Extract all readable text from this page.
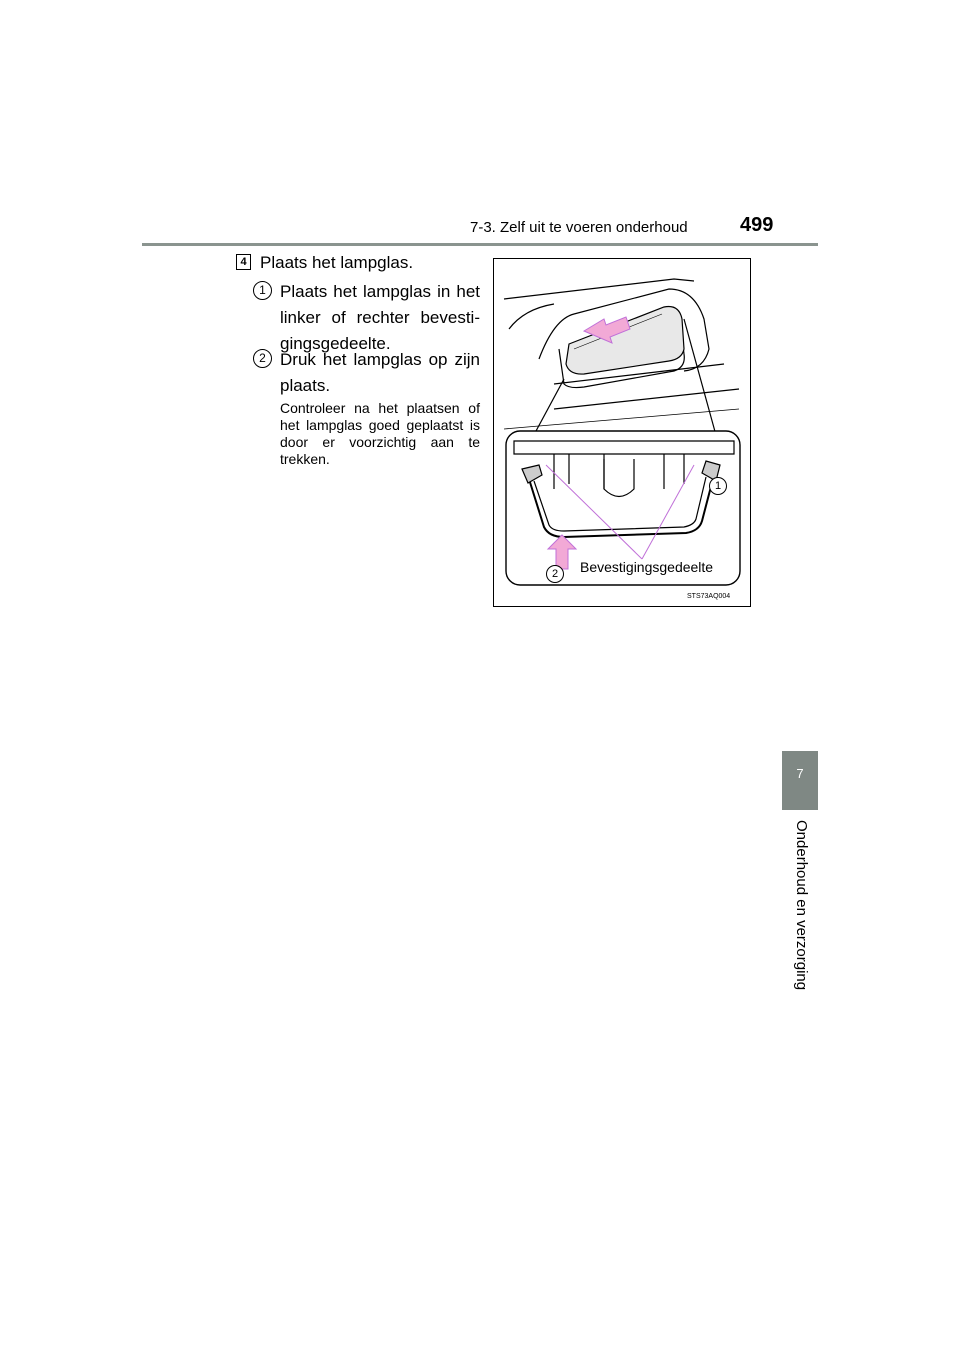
7-3. Zelf uit te voeren onderhoud	499
7
Onderhoud en verzorging
4 Plaats het lampglas.
1 Plaats het lampglas in het linker of rechter bevesti-gingsgedeelte.
2 Druk het lampglas op zijn plaats.
Controleer na het plaatsen of het lampglas goed geplaatst is door er voorzichtig aan te trekken.
1
2	Bevestigingsgedeelte
STS73AQ004
